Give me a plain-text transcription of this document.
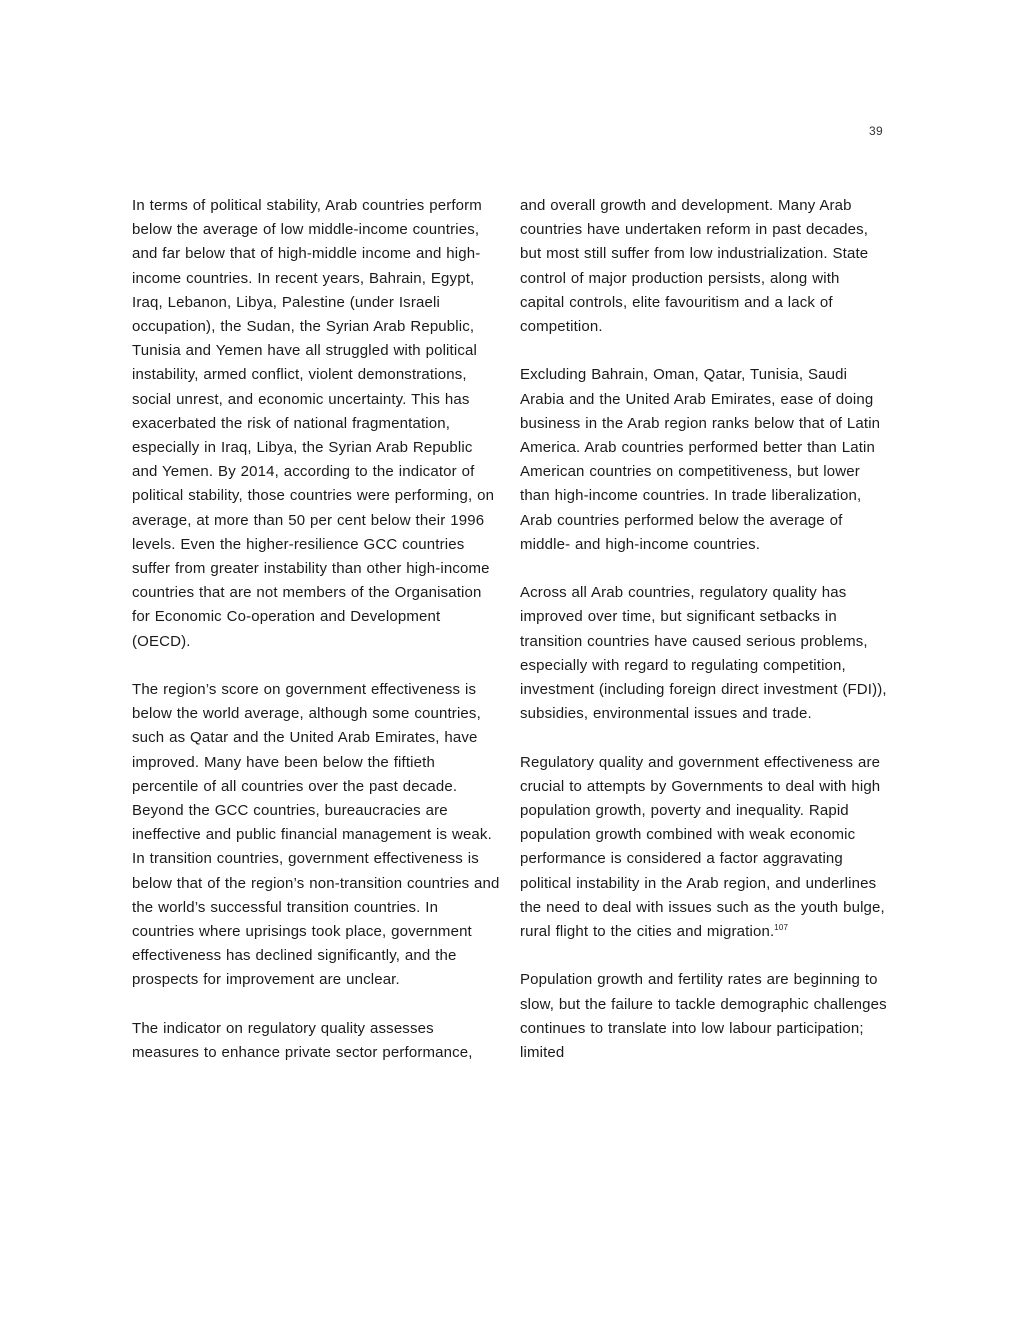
39

In terms of political stability, Arab countries perform below the average of low middle-income countries, and far below that of high-middle income and high-income countries. In recent years, Bahrain, Egypt, Iraq, Lebanon, Libya, Palestine (under Israeli occupation), the Sudan, the Syrian Arab Republic, Tunisia and Yemen have all struggled with political instability, armed conflict, violent demonstrations, social unrest, and economic uncertainty. This has exacerbated the risk of national fragmentation, especially in Iraq, Libya, the Syrian Arab Republic and Yemen. By 2014, according to the indicator of political stability, those countries were performing, on average, at more than 50 per cent below their 1996 levels. Even the higher-resilience GCC countries suffer from greater instability than other high-income countries that are not members of the Organisation for Economic Co-operation and Development (OECD).

The region’s score on government effectiveness is below the world average, although some countries, such as Qatar and the United Arab Emirates, have improved. Many have been below the fiftieth percentile of all countries over the past decade. Beyond the GCC countries, bureaucracies are ineffective and public financial management is weak. In transition countries, government effectiveness is below that of the region’s non-transition countries and the world’s successful transition countries. In countries where uprisings took place, government effectiveness has declined significantly, and the prospects for improvement are unclear.

The indicator on regulatory quality assesses measures to enhance private sector performance,

and overall growth and development. Many Arab countries have undertaken reform in past decades, but most still suffer from low industrialization. State control of major production persists, along with capital controls, elite favouritism and a lack of competition.

Excluding Bahrain, Oman, Qatar, Tunisia, Saudi Arabia and the United Arab Emirates, ease of doing business in the Arab region ranks below that of Latin America. Arab countries performed better than Latin American countries on competitiveness, but lower than high-income countries. In trade liberalization, Arab countries performed below the average of middle- and high-income countries.

Across all Arab countries, regulatory quality has improved over time, but significant setbacks in transition countries have caused serious problems, especially with regard to regulating competition, investment (including foreign direct investment (FDI)), subsidies, environmental issues and trade.

Regulatory quality and government effectiveness are crucial to attempts by Governments to deal with high population growth, poverty and inequality. Rapid population growth combined with weak economic performance is considered a factor aggravating political instability in the Arab region, and underlines the need to deal with issues such as the youth bulge, rural flight to the cities and migration.$^{107}$

Population growth and fertility rates are beginning to slow, but the failure to tackle demographic challenges continues to translate into low labour participation; limited
